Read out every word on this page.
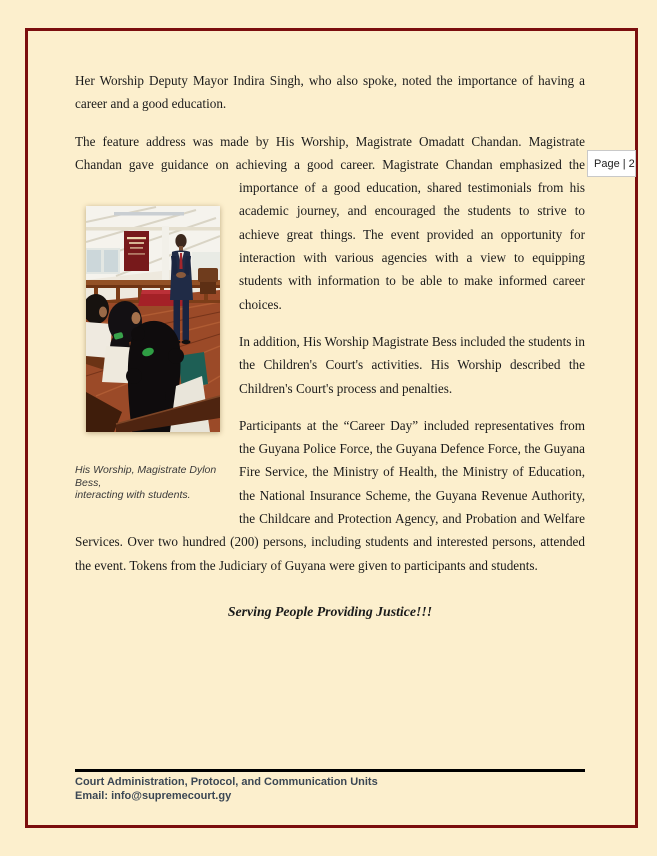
Page | 2

Her Worship Deputy Mayor Indira Singh, who also spoke, noted the importance of having a career and a good education.

The feature address was made by His Worship, Magistrate Omadatt Chandan. Magistrate Chandan gave guidance on achieving a good career. Magistrate Chandan emphasized the
His Worship, Magistrate Dylon Bess,
interacting with students.
importance of a good education, shared testimonials from his academic journey, and encouraged the students to strive to achieve great things. The event provided an opportunity for interaction with various agencies with a view to equipping students with information to be able to make informed career choices.

In addition, His Worship Magistrate Bess included the students in the Children's Court's activities. His Worship described the Children's Court's process and penalties.

Participants at the “Career Day” included representatives from the Guyana Police Force, the Guyana Defence Force, the Guyana Fire Service, the Ministry of Health, the Ministry of Education, the National Insurance Scheme, the Guyana Revenue Authority, the Childcare and Protection Agency, and Probation and Welfare Services. Over two hundred (200) persons, including students and interested persons, attended the event. Tokens from the Judiciary of Guyana were given to participants and students.

Serving People Providing Justice!!!

Court Administration, Protocol, and Communication Units

Email: info@supremecourt.gy
